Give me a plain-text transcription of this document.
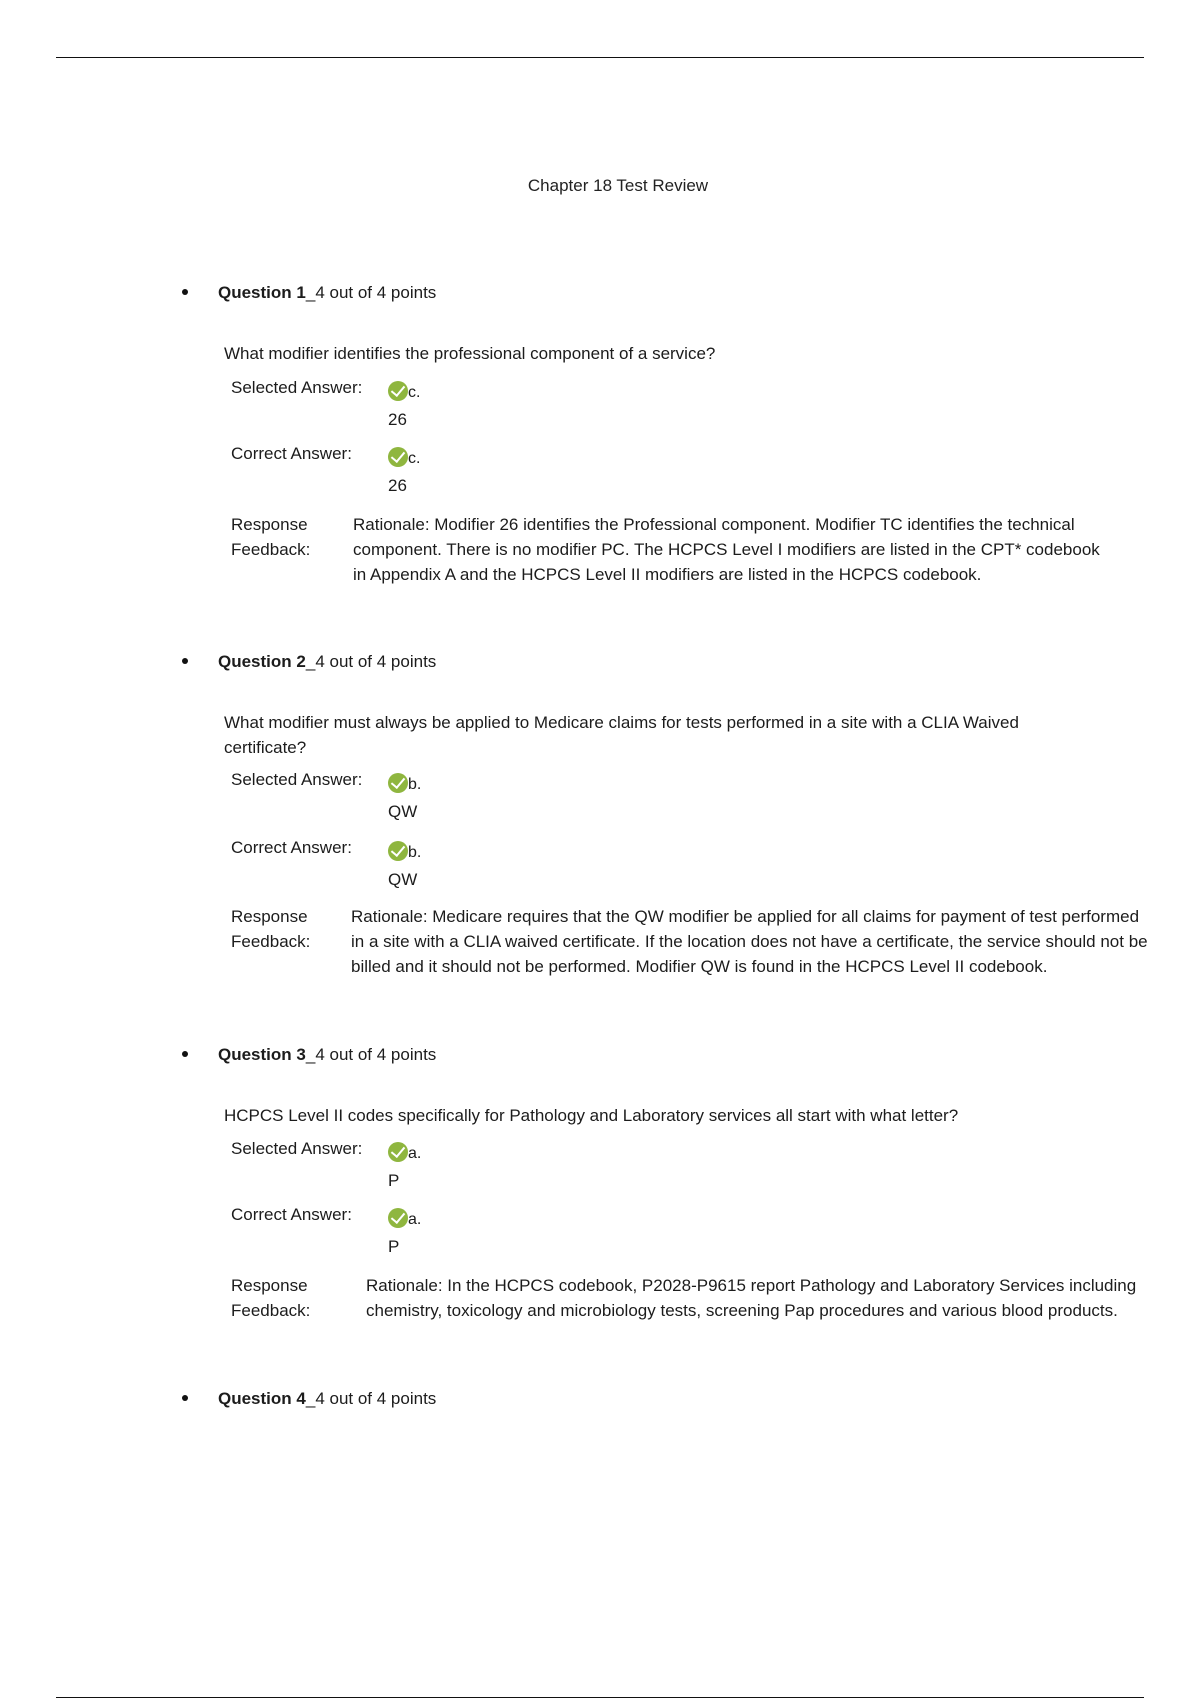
Chapter 18 Test Review
Question 1_4 out of 4 points
What modifier identifies the professional component of a service?
Selected Answer:	c.
26
Correct Answer:	c.
26
Response
Feedback:
Rationale: Modifier 26 identifies the Professional component. Modifier TC identifies the technical component. There is no modifier PC. The HCPCS Level I modifiers are listed in the CPT* codebook in Appendix A and the HCPCS Level II modifiers are listed in the HCPCS codebook.
Question 2_4 out of 4 points
What modifier must always be applied to Medicare claims for tests performed in a site with a CLIA Waived certificate?
Selected Answer:	b.
QW
Correct Answer:	b.
QW
Response
Feedback:
Rationale: Medicare requires that the QW modifier be applied for all claims for payment of test performed in a site with a CLIA waived certificate. If the location does not have a certificate, the service should not be billed and it should not be performed. Modifier QW is found in the HCPCS Level II codebook.
Question 3_4 out of 4 points
HCPCS Level II codes specifically for Pathology and Laboratory services all start with what letter?
Selected Answer:	a.
P
Correct Answer:	a.
P
Response
Feedback:
Rationale: In the HCPCS codebook, P2028-P9615 report Pathology and Laboratory Services including chemistry, toxicology and microbiology tests, screening Pap procedures and various blood products.
Question 4_4 out of 4 points
